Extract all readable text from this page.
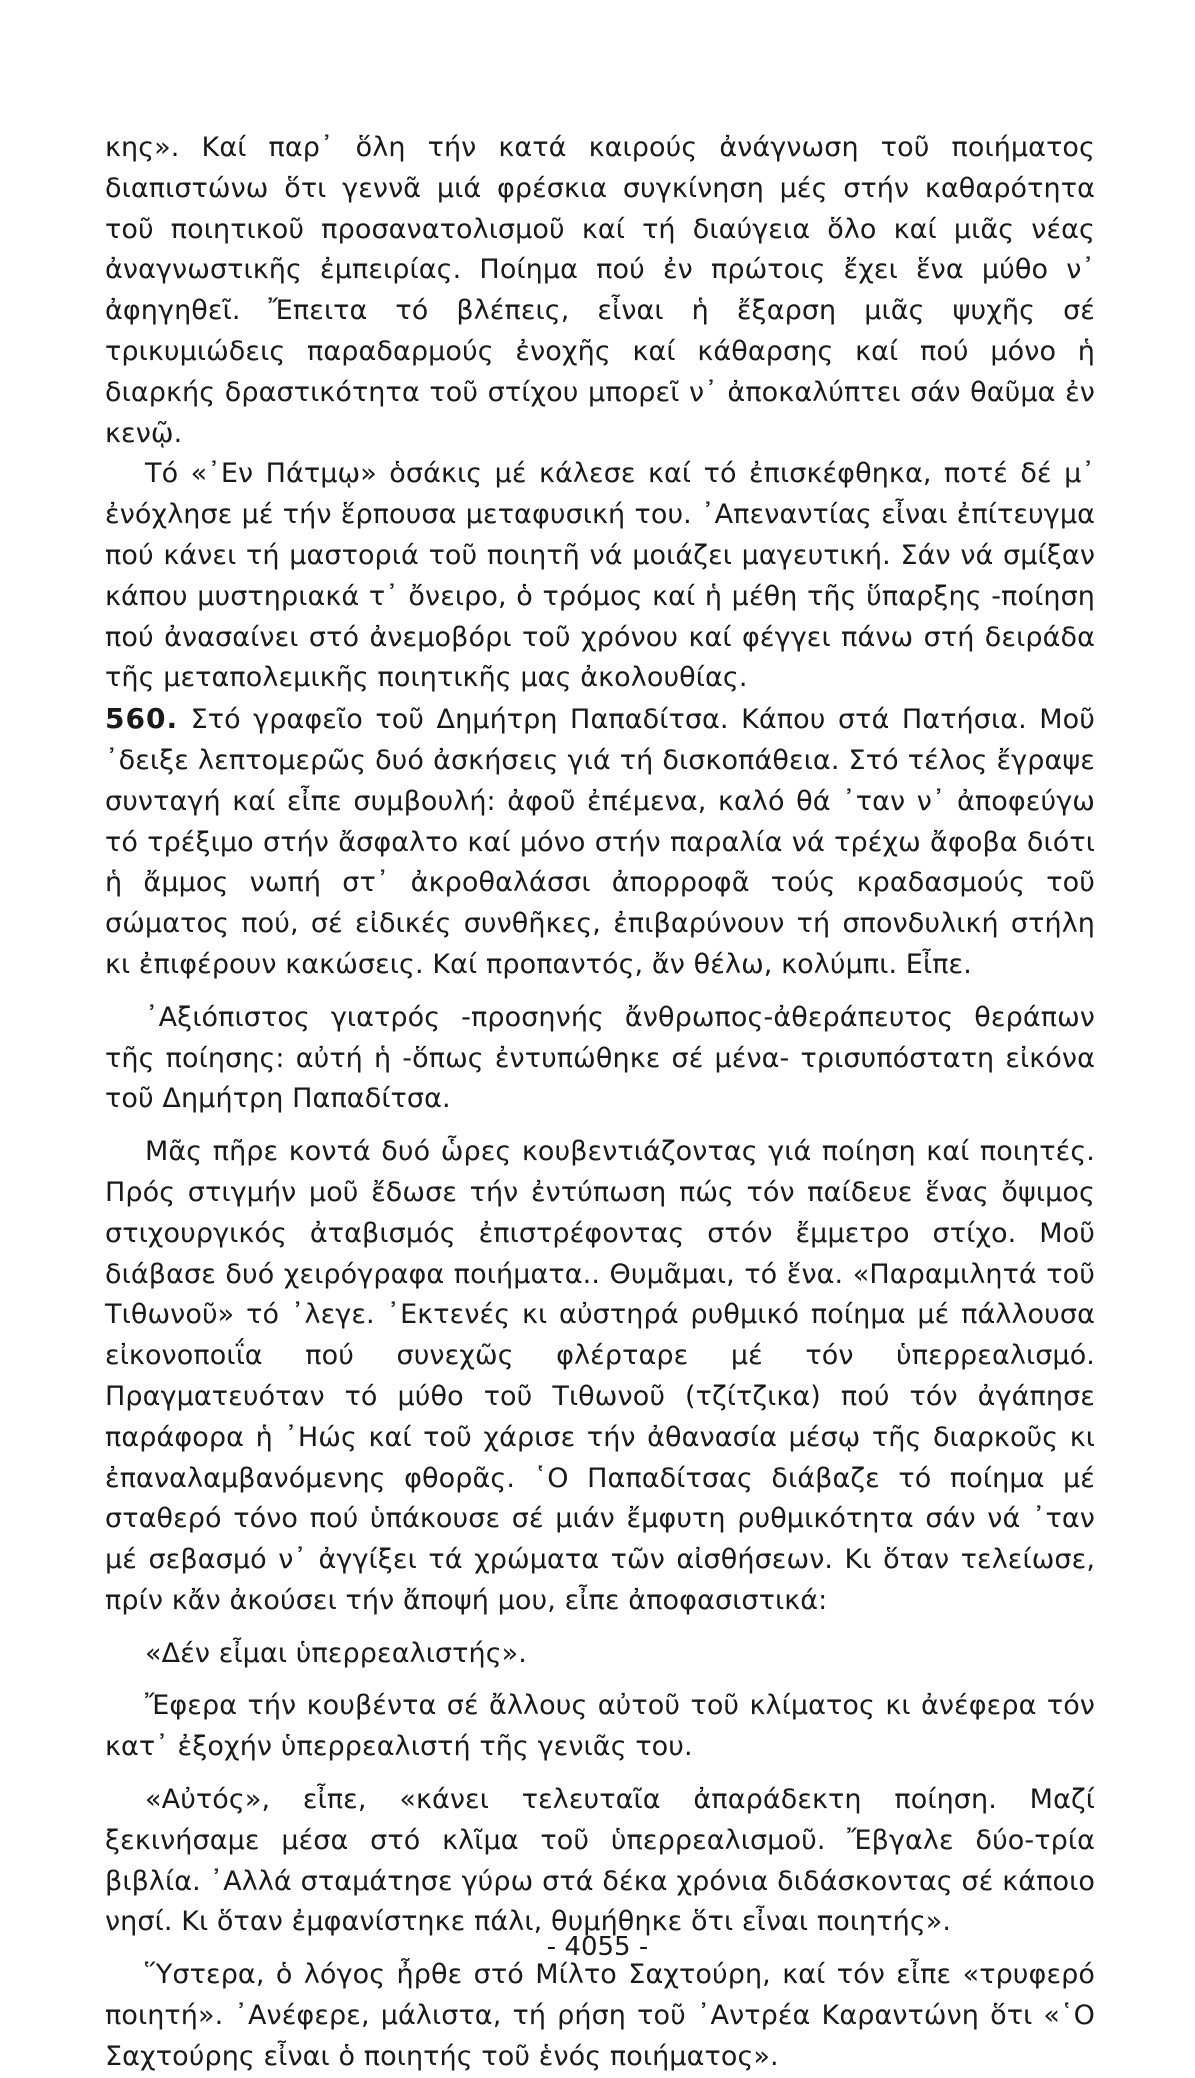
κης». Καί παρ᾽ ὅλη τήν κατά καιρούς ἀνάγνωση τοῦ ποιήματος διαπιστώνω ὅτι γεννᾶ μιά φρέσκια συγκίνηση μές στήν καθαρότητα τοῦ ποιητικοῦ προσανατολισμοῦ καί τή διαύγεια ὅλο καί μιᾶς νέας ἀναγνωστικῆς ἐμπειρίας. Ποίημα πού ἐν πρώτοις ἔχει ἕνα μύθο ν᾽ ἀφηγηθεῖ. Ἔπειτα τό βλέπεις, εἶναι ἡ ἔξαρση μιᾶς ψυχῆς σέ τρικυμιώδεις παραδαρμούς ἐνοχῆς καί κάθαρσης καί πού μόνο ἡ διαρκής δραστικότητα τοῦ στίχου μπορεῖ ν᾽ ἀποκαλύπτει σάν θαῦμα ἐν κενῷ.

Τό «᾽Εν Πάτμῳ» ὁσάκις μέ κάλεσε καί τό ἐπισκέφθηκα, ποτέ δέ μ᾽ ἐνόχλησε μέ τήν ἕρπουσα μεταφυσική του. ᾽Απεναντίας εἶναι ἐπίτευγμα πού κάνει τή μαστοριά τοῦ ποιητῆ νά μοιάζει μαγευτική. Σάν νά σμίξαν κάπου μυστηριακά τ᾽ ὄνειρο, ὁ τρόμος καί ἡ μέθη τῆς ὕπαρξης -ποίηση πού ἀνασαίνει στό ἀνεμοβόρι τοῦ χρόνου καί φέγγει πάνω στή δειράδα τῆς μεταπολεμικῆς ποιητικῆς μας ἀκολουθίας.

560. Στό γραφεῖο τοῦ Δημήτρη Παπαδίτσα. Κάπου στά Πατήσια. Μοῦ ᾽δειξε λεπτομερῶς δυό ἀσκήσεις γιά τή δισκοπάθεια. Στό τέλος ἔγραψε συνταγή καί εἶπε συμβουλή: ἀφοῦ ἐπέμενα, καλό θά ᾽ταν ν᾽ ἀποφεύγω τό τρέξιμο στήν ἄσφαλτο καί μόνο στήν παραλία νά τρέχω ἄφοβα διότι ἡ ἄμμος νωπή στ᾽ ἀκροθαλάσσι ἀπορροφᾶ τούς κραδασμούς τοῦ σώματος πού, σέ εἰδικές συνθῆκες, ἐπιβαρύνουν τή σπονδυλική στήλη κι ἐπιφέρουν κακώσεις. Καί προπαντός, ἄν θέλω, κολύμπι. Εἶπε.

᾽Αξιόπιστος γιατρός -προσηνής ἄνθρωπος-ἀθεράπευτος θεράπων τῆς ποίησης: αὐτή ἡ -ὅπως ἐντυπώθηκε σέ μένα- τρισυπόστατη εἰκόνα τοῦ Δημήτρη Παπαδίτσα.

Μᾶς πῆρε κοντά δυό ὧρες κουβεντιάζοντας γιά ποίηση καί ποιητές. Πρός στιγμήν μοῦ ἔδωσε τήν ἐντύπωση πώς τόν παίδευε ἕνας ὄψιμος στιχουργικός ἀταβισμός ἐπιστρέφοντας στόν ἔμμετρο στίχο. Μοῦ διάβασε δυό χειρόγραφα ποιήματα.. Θυμᾶμαι, τό ἕνα. «Παραμιλητά τοῦ Τιθωνοῦ» τό ᾽λεγε. ᾽Εκτενές κι αὐστηρά ρυθμικό ποίημα μέ πάλλουσα εἰκονοποιΐα πού συνεχῶς φλέρταρε μέ τόν ὑπερρεαλισμό. Πραγματευόταν τό μύθο τοῦ Τιθωνοῦ (τζίτζικα) πού τόν ἀγάπησε παράφορα ἡ ᾽Ηώς καί τοῦ χάρισε τήν ἀθανασία μέσῳ τῆς διαρκοῦς κι ἐπαναλαμβανόμενης φθορᾶς. ῾Ο Παπαδίτσας διάβαζε τό ποίημα μέ σταθερό τόνο πού ὑπάκουσε σέ μιάν ἔμφυτη ρυθμικότητα σάν νά ᾽ταν μέ σεβασμό ν᾽ ἀγγίξει τά χρώματα τῶν αἰσθήσεων. Κι ὅταν τελείωσε, πρίν κἄν ἀκούσει τήν ἄποψή μου, εἶπε ἀποφασιστικά:

«Δέν εἶμαι ὑπερρεαλιστής».

Ἔφερα τήν κουβέντα σέ ἄλλους αὐτοῦ τοῦ κλίματος κι ἀνέφερα τόν κατ᾽ ἐξοχήν ὑπερρεαλιστή τῆς γενιᾶς του.

«Αὐτός», εἶπε, «κάνει τελευταῖα ἀπαράδεκτη ποίηση. Μαζί ξεκινήσαμε μέσα στό κλῖμα τοῦ ὑπερρεαλισμοῦ. Ἔβγαλε δύο-τρία βιβλία. ᾽Αλλά σταμάτησε γύρω στά δέκα χρόνια διδάσκοντας σέ κάποιο νησί. Κι ὅταν ἐμφανίστηκε πάλι, θυμήθηκε ὅτι εἶναι ποιητής».

Ὕστερα, ὁ λόγος ἦρθε στό Μίλτο Σαχτούρη, καί τόν εἶπε «τρυφερό ποιητή». ᾽Ανέφερε, μάλιστα, τή ρήση τοῦ ᾽Αντρέα Καραντώνη ὅτι «῾Ο Σαχτούρης εἶναι ὁ ποιητής τοῦ ἑνός ποιήματος».

- 4055 -
